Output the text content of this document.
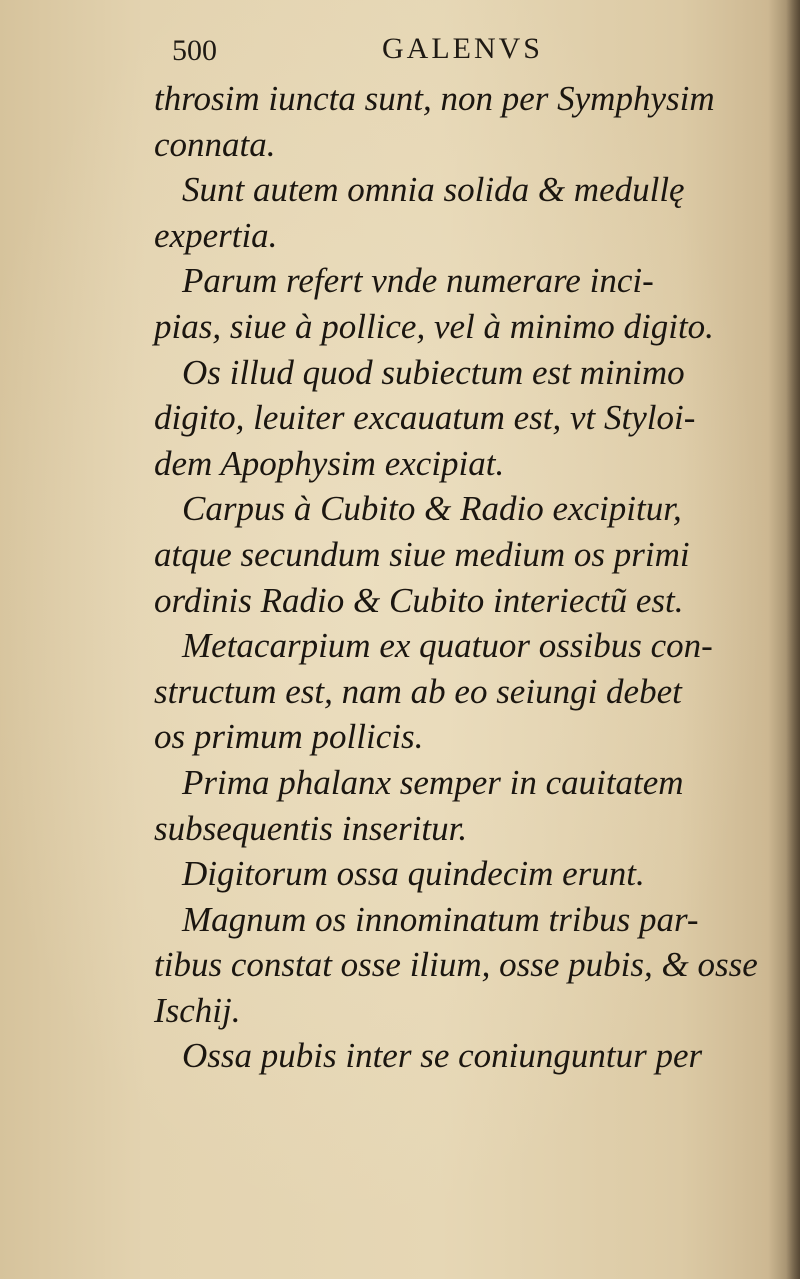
500	GALENVS
throsim iuncta sunt, non per Symphysim
connata.
Sunt autem omnia solida & medullę
expertia.
Parum refert vnde numerare inci-
pias, siue à pollice, vel à minimo digito.
Os illud quod subiectum est minimo
digito, leuiter excauatum est, vt Styloi-
dem Apophysim excipiat.
Carpus à Cubito & Radio excipitur,
atque secundum siue medium os primi
ordinis Radio & Cubito interiectũ est.
Metacarpium ex quatuor ossibus con-
structum est, nam ab eo seiungi debet
os primum pollicis.
Prima phalanx semper in cauitatem
subsequentis inseritur.
Digitorum ossa quindecim erunt.
Magnum os innominatum tribus par-
tibus constat osse ilium, osse pubis, & osse
Ischij.
Ossa pubis inter se coniunguntur per
